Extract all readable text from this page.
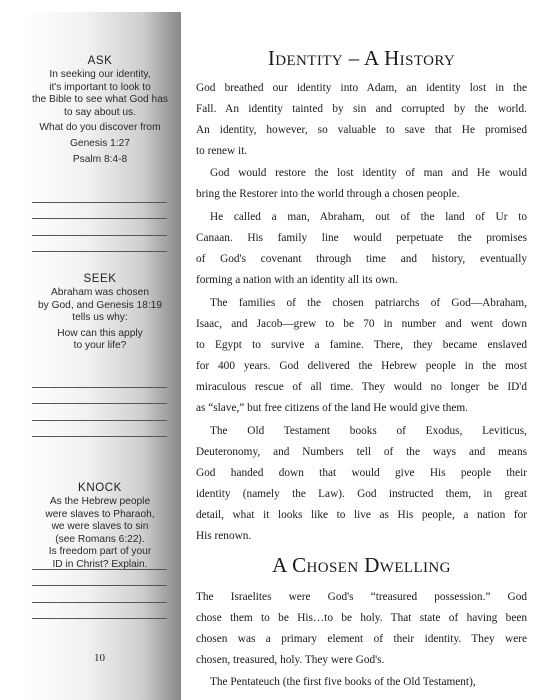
ASK
In seeking our identity,
it's important to look to
the Bible to see what God has
to say about us.
What do you discover from
Genesis 1:27
Psalm 8:4-8
SEEK
Abraham was chosen
by God, and Genesis 18:19
tells us why:
How can this apply
to your life?
KNOCK
As the Hebrew people
were slaves to Pharaoh,
we were slaves to sin
(see Romans 6:22).
Is freedom part of your
ID in Christ? Explain.
10
Identity – A History
God breathed our identity into Adam, an identity lost in the
Fall. An identity tainted by sin and corrupted by the world.
An identity, however, so valuable to save that He promised
to renew it.
God would restore the lost identity of man and He would
bring the Restorer into the world through a chosen people.
He called a man, Abraham, out of the land of Ur to
Canaan. His family line would perpetuate the promises
of God's covenant through time and history, eventually
forming a nation with an identity all its own.
The families of the chosen patriarchs of God—Abraham,
Isaac, and Jacob—grew to be 70 in number and went down
to Egypt to survive a famine. There, they became enslaved
for 400 years. God delivered the Hebrew people in the most
miraculous rescue of all time. They would no longer be ID'd
as “slave,” but free citizens of the land He would give them.
The Old Testament books of Exodus, Leviticus,
Deuteronomy, and Numbers tell of the ways and means
God handed down that would give His people their
identity (namely the Law). God instructed them, in great
detail, what it looks like to live as His people, a nation for
His renown.
A Chosen Dwelling
The Israelites were God's “treasured possession.” God
chose them to be His…to be holy. That state of having been
chosen was a primary element of their identity. They were
chosen, treasured, holy. They were God's.
The Pentateuch (the first five books of the Old Testament),
